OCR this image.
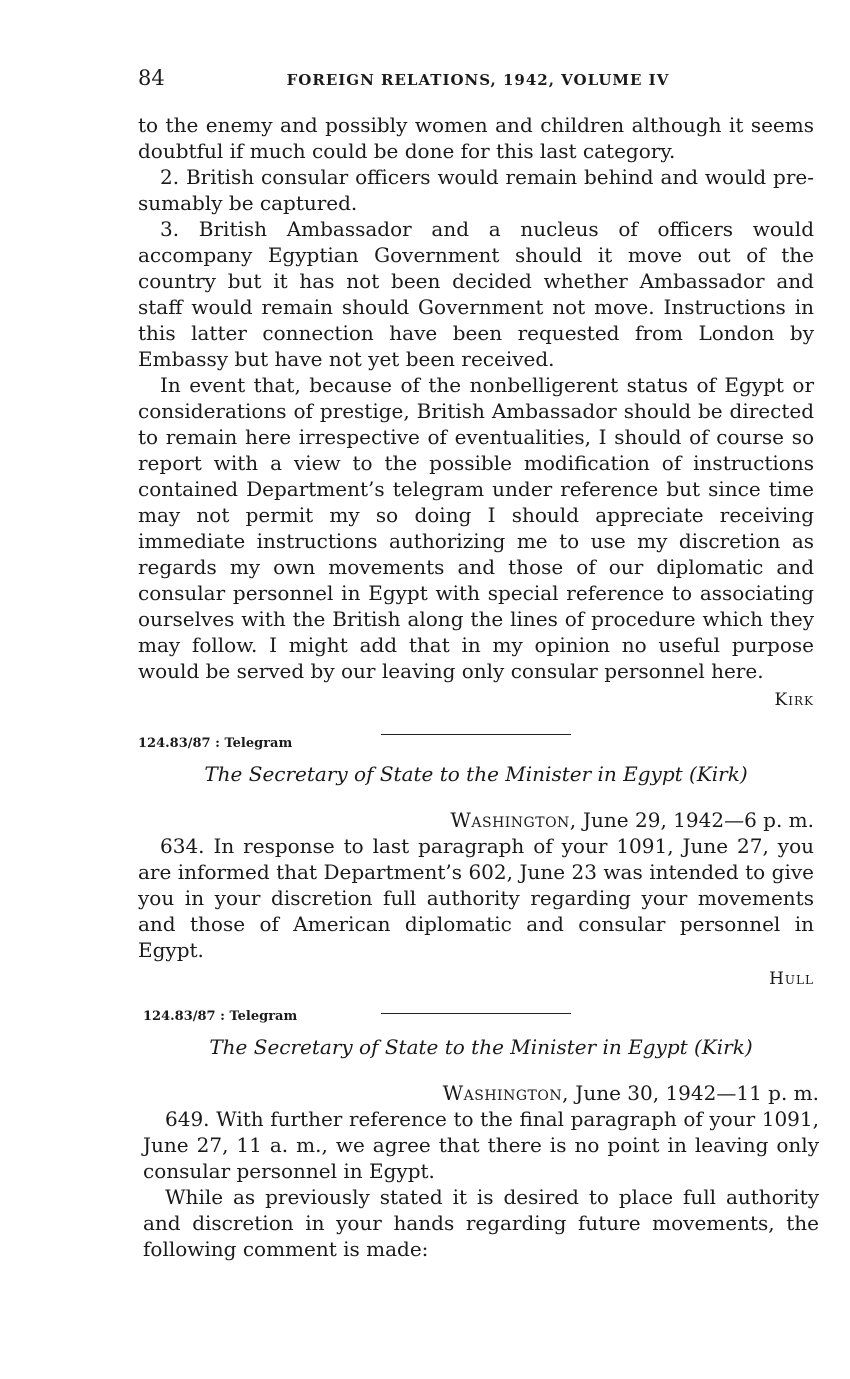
84	FOREIGN RELATIONS, 1942, VOLUME IV

to the enemy and possibly women and children although it seems doubtful if much could be done for this last category.

2. British consular officers would remain behind and would presumably be captured.

3. British Ambassador and a nucleus of officers would accompany Egyptian Government should it move out of the country but it has not been decided whether Ambassador and staff would remain should Government not move. Instructions in this latter connection have been requested from London by Embassy but have not yet been received.

In event that, because of the nonbelligerent status of Egypt or considerations of prestige, British Ambassador should be directed to remain here irrespective of eventualities, I should of course so report with a view to the possible modification of instructions contained Department’s telegram under reference but since time may not permit my so doing I should appreciate receiving immediate instructions authorizing me to use my discretion as regards my own movements and those of our diplomatic and consular personnel in Egypt with special reference to associating ourselves with the British along the lines of procedure which they may follow. I might add that in my opinion no useful purpose would be served by our leaving only consular personnel here.

Kirk
124.83/87 : Telegram
The Secretary of State to the Minister in Egypt (Kirk)
Washington, June 29, 1942—6 p. m.

634. In response to last paragraph of your 1091, June 27, you are informed that Department’s 602, June 23 was intended to give you in your discretion full authority regarding your movements and those of American diplomatic and consular personnel in Egypt.

Hull
124.83/87 : Telegram
The Secretary of State to the Minister in Egypt (Kirk)
Washington, June 30, 1942—11 p. m.

649. With further reference to the final paragraph of your 1091, June 27, 11 a. m., we agree that there is no point in leaving only consular personnel in Egypt.

While as previously stated it is desired to place full authority and discretion in your hands regarding future movements, the following comment is made:
